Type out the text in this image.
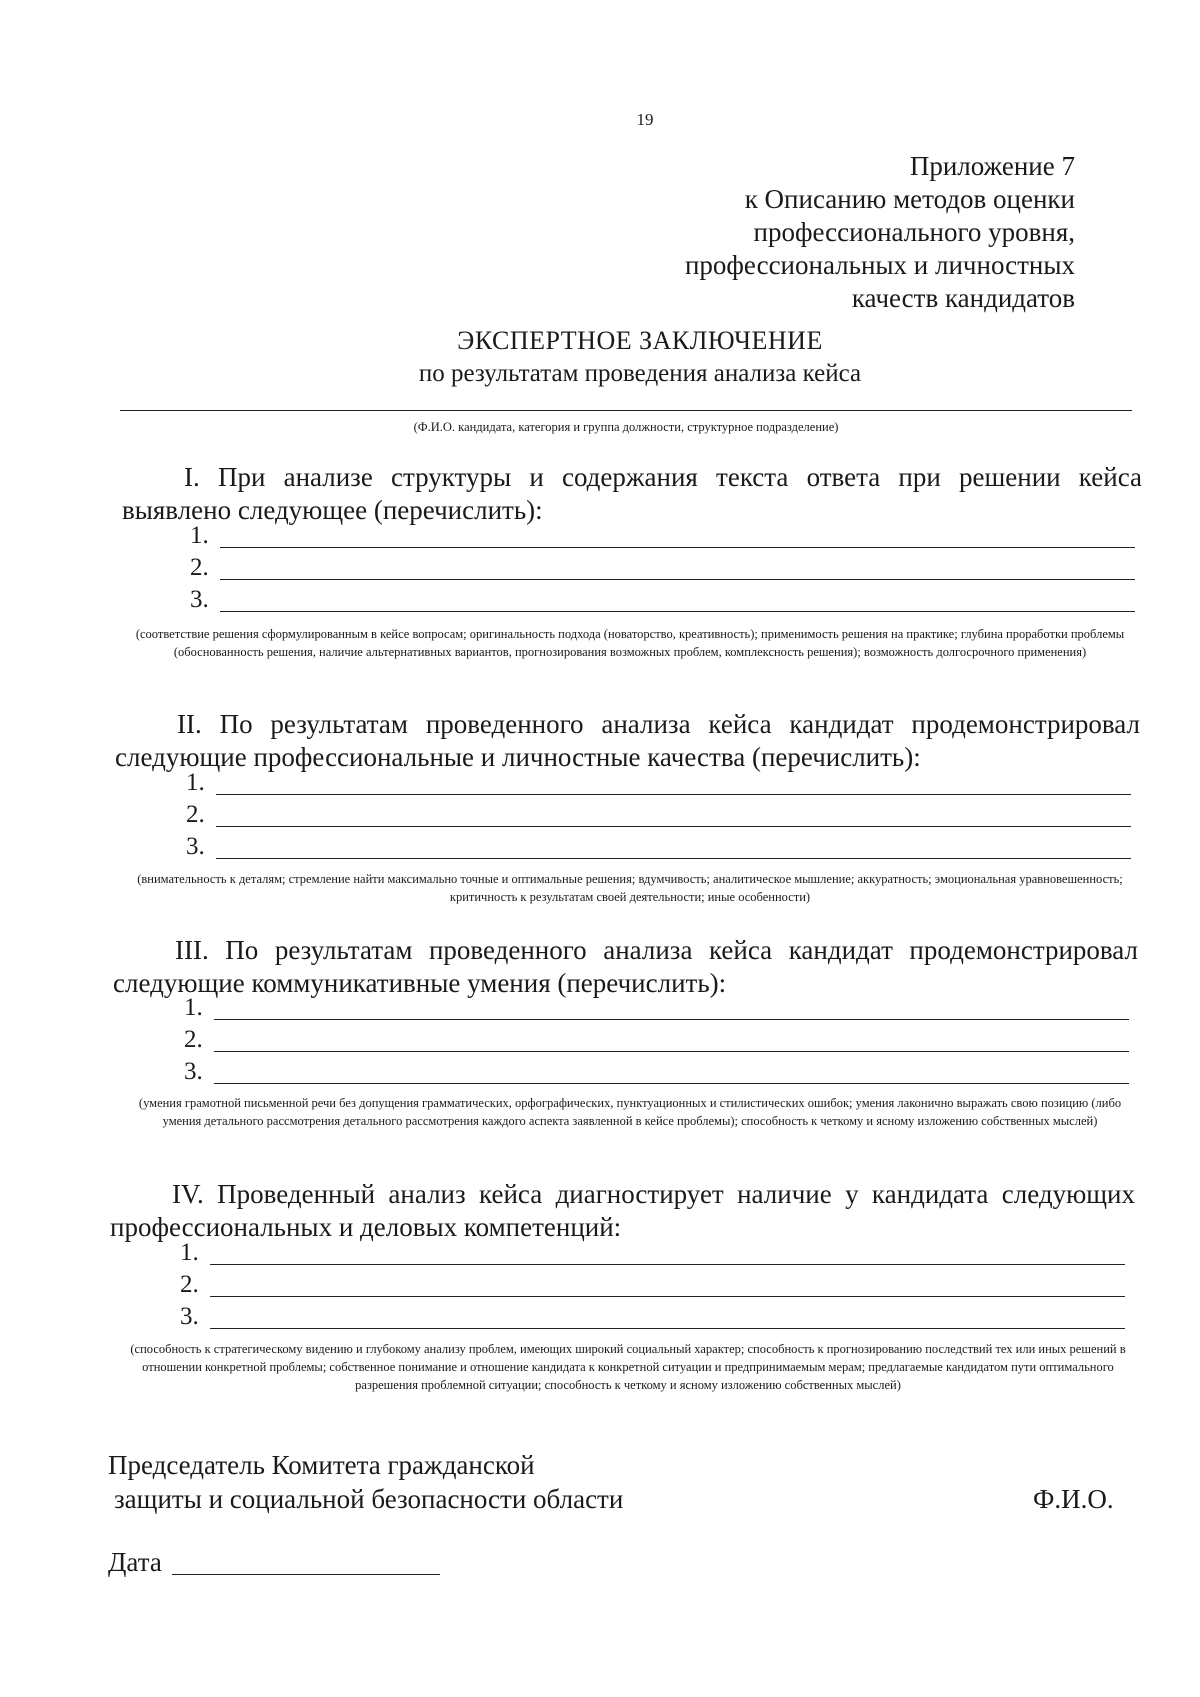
19
Приложение 7
к Описанию методов оценки
профессионального уровня,
профессиональных и личностных
качеств кандидатов
ЭКСПЕРТНОЕ ЗАКЛЮЧЕНИЕ
по результатам проведения анализа кейса
(Ф.И.О. кандидата, категория и группа должности, структурное подразделение)
I. При анализе структуры и содержания текста ответа при решении кейса выявлено следующее (перечислить):
1.
2.
3.
(соответствие решения сформулированным в кейсе вопросам; оригинальность подхода (новаторство, креативность); применимость решения на практике; глубина проработки проблемы (обоснованность решения, наличие альтернативных вариантов, прогнозирования возможных проблем, комплексность решения); возможность долгосрочного применения)
II. По результатам проведенного анализа кейса кандидат продемонстрировал следующие профессиональные и личностные качества (перечислить):
1.
2.
3.
(внимательность к деталям; стремление найти максимально точные и оптимальные решения; вдумчивость; аналитическое мышление; аккуратность; эмоциональная уравновешенность; критичность к результатам своей деятельности; иные особенности)
III. По результатам проведенного анализа кейса кандидат продемонстрировал следующие коммуникативные умения (перечислить):
1.
2.
3.
(умения грамотной письменной речи без допущения грамматических, орфографических, пунктуационных и стилистических ошибок; умения лаконично выражать свою позицию (либо умения детального рассмотрения детального рассмотрения каждого аспекта заявленной в кейсе проблемы); способность к четкому и ясному изложению собственных мыслей)
IV. Проведенный анализ кейса диагностирует наличие у кандидата следующих профессиональных и деловых компетенций:
1.
2.
3.
(способность к стратегическому видению и глубокому анализу проблем, имеющих широкий социальный характер; способность к прогнозированию последствий тех или иных решений в отношении конкретной проблемы; собственное понимание и отношение кандидата к конкретной ситуации и предпринимаемым мерам; предлагаемые кандидатом пути оптимального разрешения проблемной ситуации; способность к четкому и ясному изложению собственных мыслей)
Председатель Комитета гражданской
защиты и социальной безопасности области	Ф.И.О.
Дата
